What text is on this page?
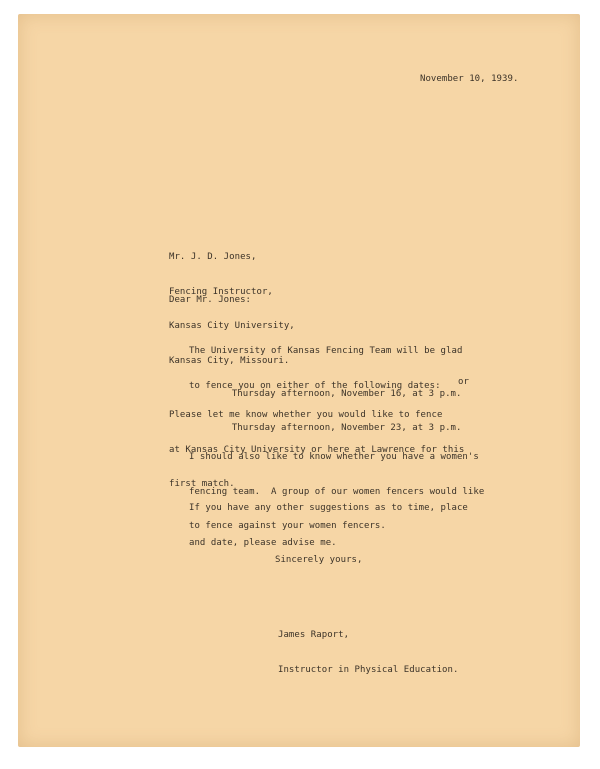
November 10, 1939.

Mr. J. D. Jones,

Fencing Instructor,

Kansas City University,

Kansas City, Missouri.

Dear Mr. Jones:

The University of Kansas Fencing Team will be glad

to fence you on either of the following dates:

Thursday afternoon, November 16, at 3 p.m.

or

Thursday afternoon, November 23, at 3 p.m.

Please let me know whether you would like to fence

at Kansas City University or here at Lawrence for this

first match.

I should also like to know whether you have a women's

fencing team.  A group of our women fencers would like

to fence against your women fencers.

If you have any other suggestions as to time, place

and date, please advise me.

Sincerely yours,

James Raport,

Instructor in Physical Education.
